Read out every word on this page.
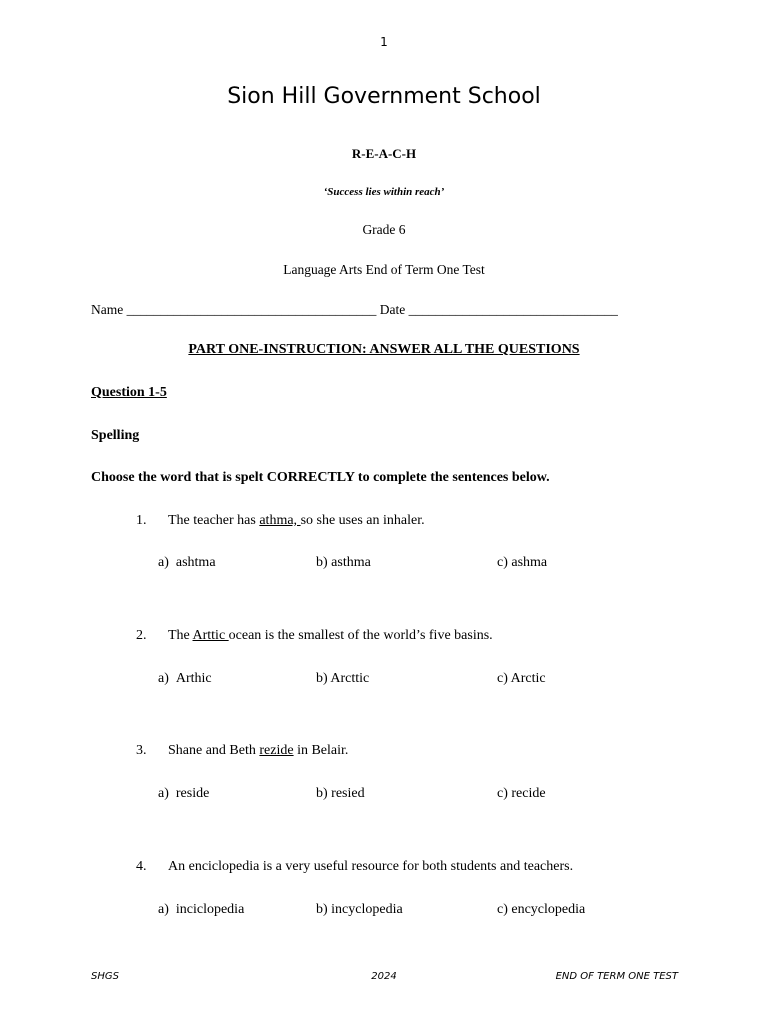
1
Sion Hill Government School
R-E-A-C-H
‘Success lies within reach’
Grade 6
Language Arts End of Term One Test
Name _____________________________________ Date _______________________________
PART ONE-INSTRUCTION: ANSWER ALL THE QUESTIONS
Question 1-5
Spelling
Choose the word that is spelt CORRECTLY to complete the sentences below.
1. The teacher has athma, so she uses an inhaler.
a)  ashtma	b) asthma	c) ashma
2. The Arttic ocean is the smallest of the world’s five basins.
a)  Arthic	b) Arcttic	c) Arctic
3. Shane and Beth rezide in Belair.
a)  reside	b) resied	c) recide
4. An enciclopedia is a very useful resource for both students and teachers.
a)  inciclopedia	b) incyclopedia	c) encyclopedia
SHGS	2024	END OF TERM ONE TEST
